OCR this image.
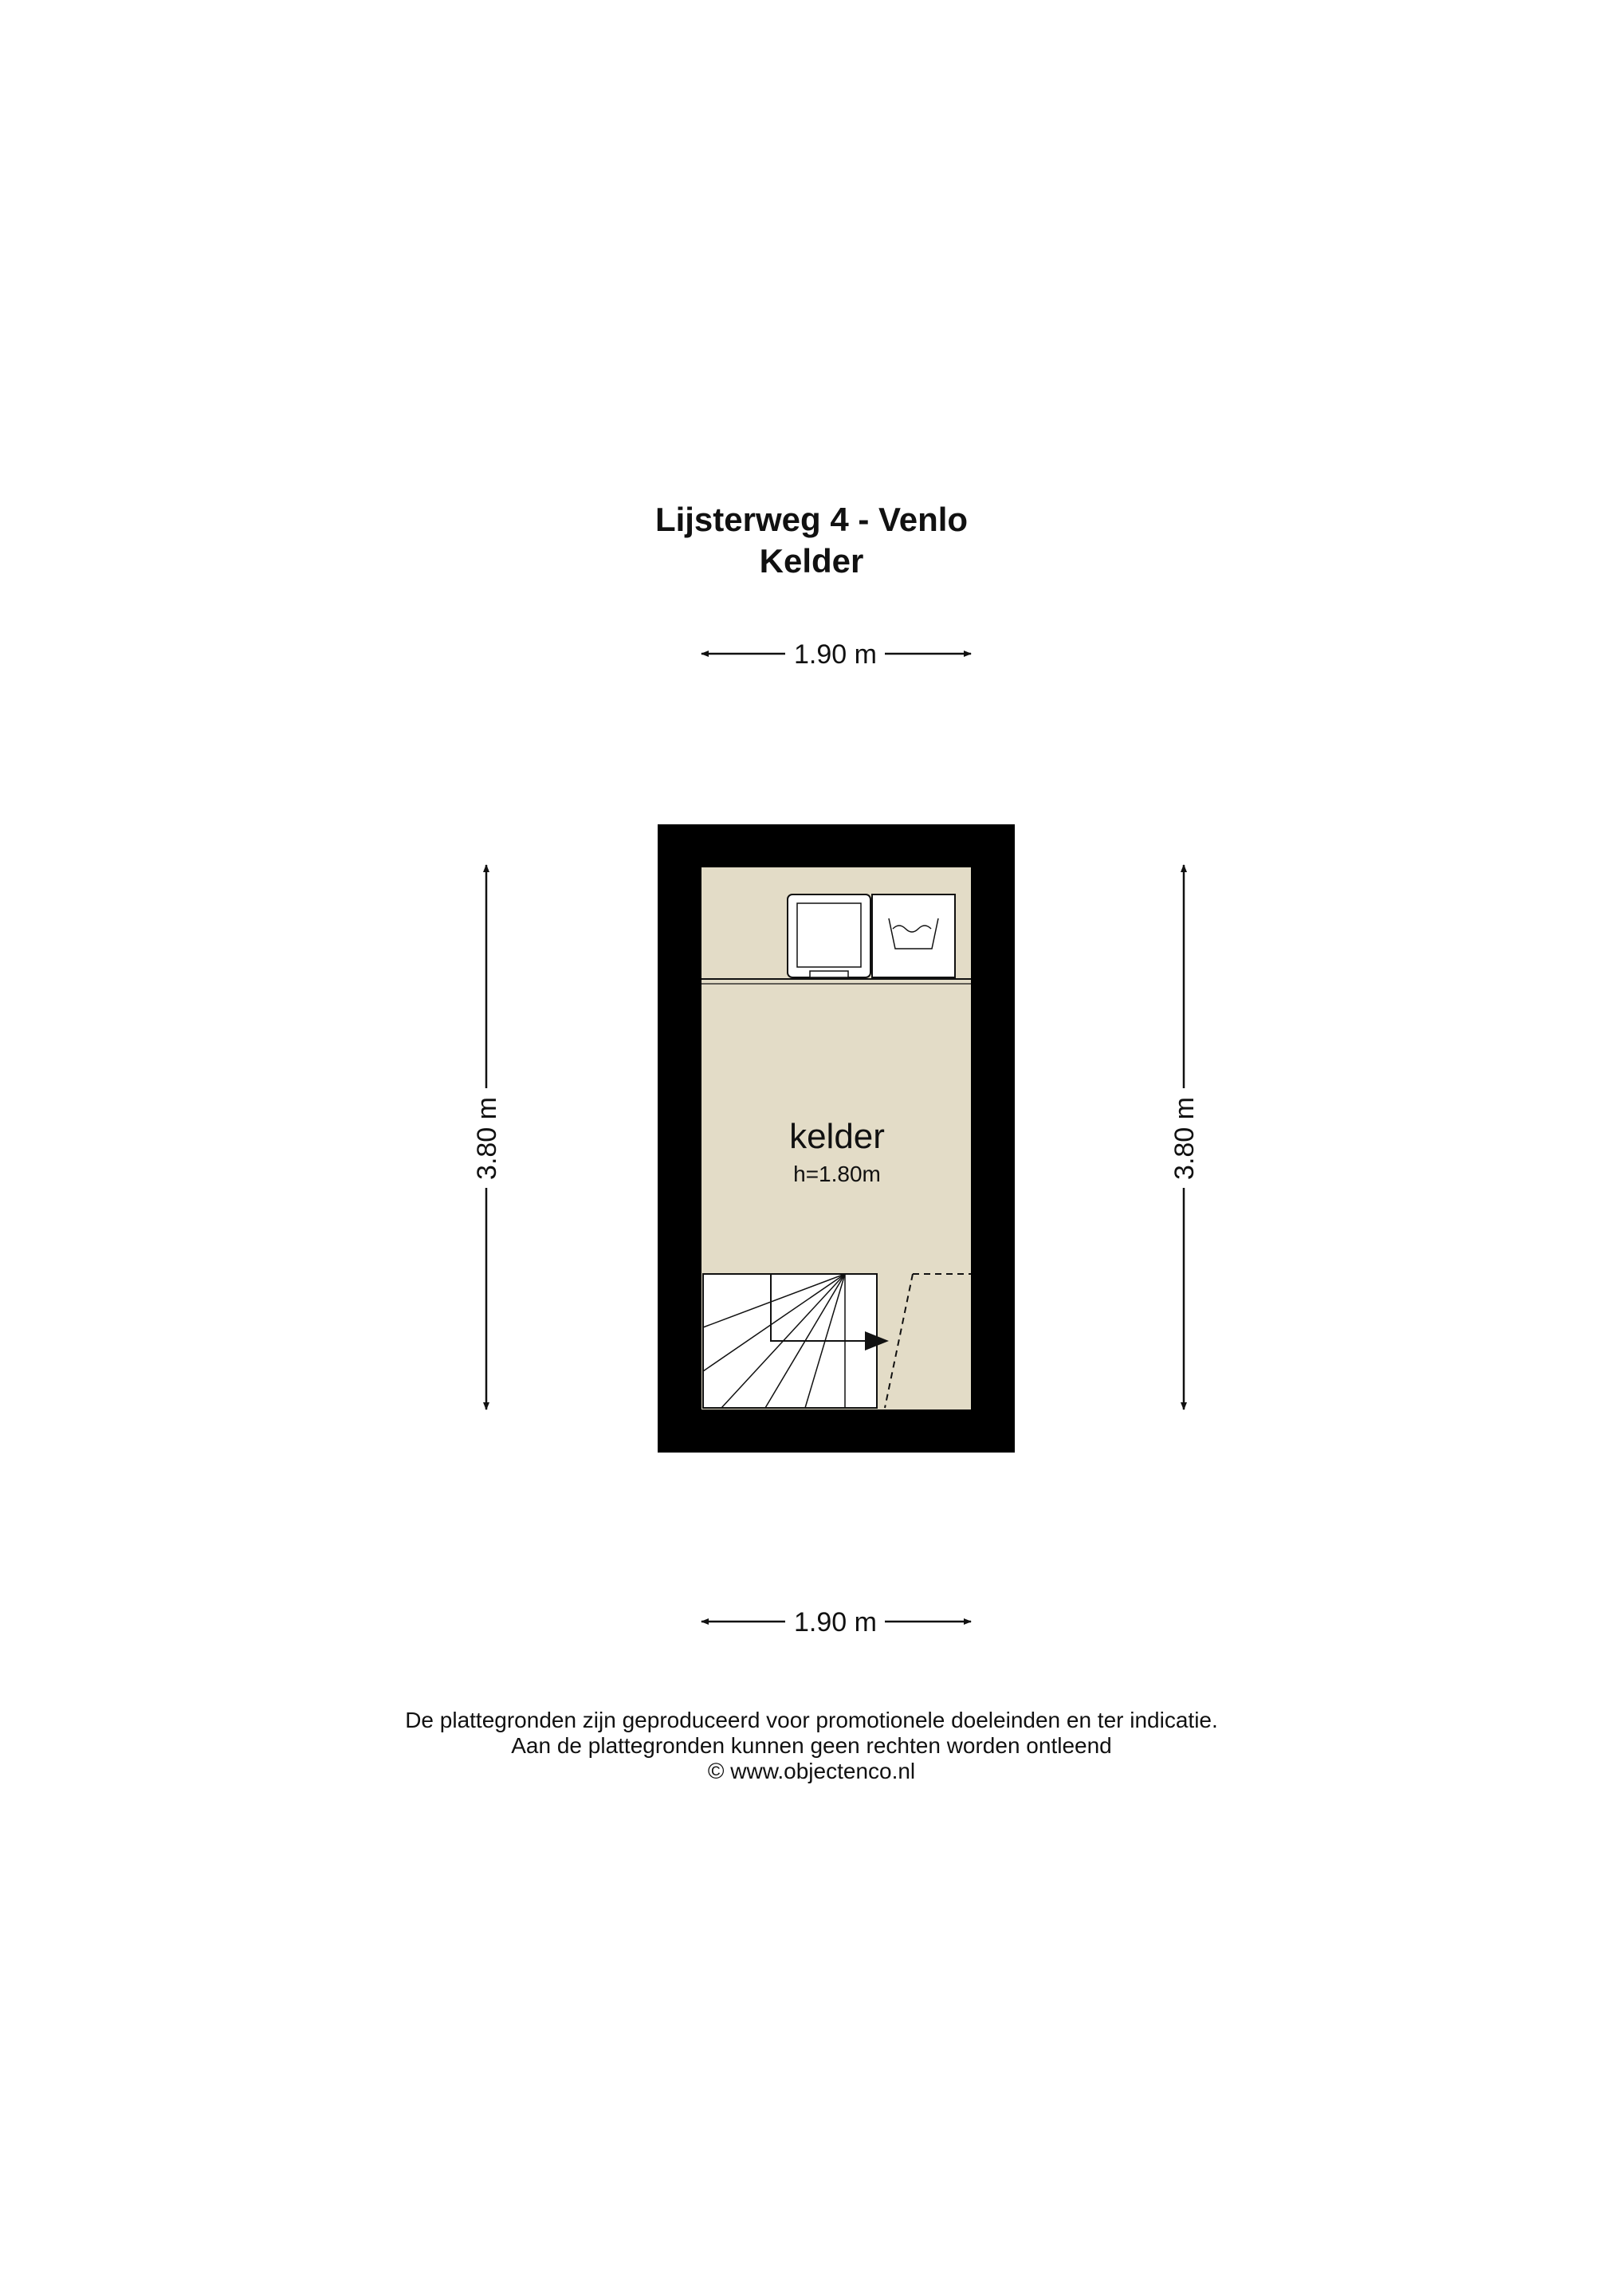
Lijsterweg 4 - Venlo
Kelder
1.90 m
1.90 m
3.80 m	3.80 m
kelder
h=1.80m
De plattegronden zijn geproduceerd voor promotionele doeleinden en ter indicatie.
Aan de plattegronden kunnen geen rechten worden ontleend
© www.objectenco.nl
